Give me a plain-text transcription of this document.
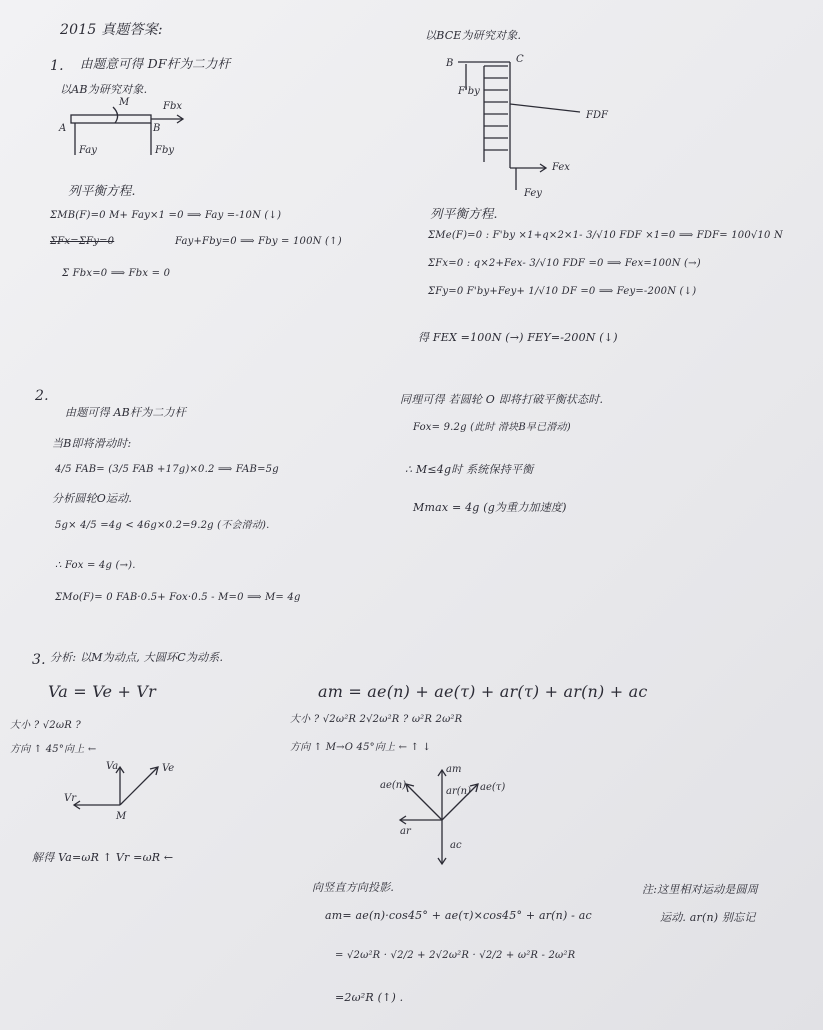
2015 真题答案:
1. 由题意可得 DF杆为二力杆
以AB为研究对象.
A	B
M	Fbx
Fay	Fby
列平衡方程.
ΣMB(F)=0 M+ Fay×1 =0 ⟹ Fay =-10N (↓)
ΣFx=ΣFy=0	Fay+Fby=0 ⟹ Fby = 100N (↑)
Σ Fbx=0 ⟹ Fbx = 0
以BCE为研究对象.
B	C
F'by
FDF
Fex
Fey
列平衡方程.
ΣMe(F)=0 : F'by ×1+q×2×1- 3/√10 FDF ×1=0 ⟹ FDF= 100√10 N
ΣFx=0 : q×2+Fex- 3/√10 FDF =0 ⟹ Fex=100N (→)
ΣFy=0 F'by+Fey+ 1/√10 DF =0 ⟹ Fey=-200N (↓)
得 FEX =100N (→) FEY=-200N (↓)
2.
由题可得 AB杆为二力杆
当B即将滑动时:
4/5 FAB= (3/5 FAB +17g)×0.2 ⟹ FAB=5g
分析圆轮O运动.
5g× 4/5 =4g < 46g×0.2=9.2g (不会滑动).
∴ Fox = 4g (→).
ΣMo(F)= 0 FAB·0.5+ Fox·0.5 - M=0 ⟹ M= 4g
同理可得 若圆轮 O 即将打破平衡状态时.
Fox= 9.2g (此时 滑块B早已滑动)
∴ M≤4g时 系统保持平衡
Mmax = 4g (g为重力加速度)
3. 分析: 以M为动点, 大圆环C为动系.
Va = Ve + Vr
大小 ? √2ωR ?
方向 ↑ 45°向上 ←
Va	Ve
Vr
M
解得 Va=ωR ↑ Vr =ωR ←
am = ae(n) + ae(τ) + ar(τ) + ar(n) + ac
大小 ? √2ω²R 2√2ω²R ? ω²R 2ω²R
方向 ↑ M→O 45°向上 ← ↑ ↓
am
ae(n)
ar(n) ae(τ)
ar
ac
向竖直方向投影.
am= ae(n)·cos45° + ae(τ)×cos45° + ar(n) - ac
= √2ω²R · √2/2 + 2√2ω²R · √2/2 + ω²R - 2ω²R
=2ω²R (↑) .
注:这里相对运动是圆周
运动. ar(n) 别忘记
